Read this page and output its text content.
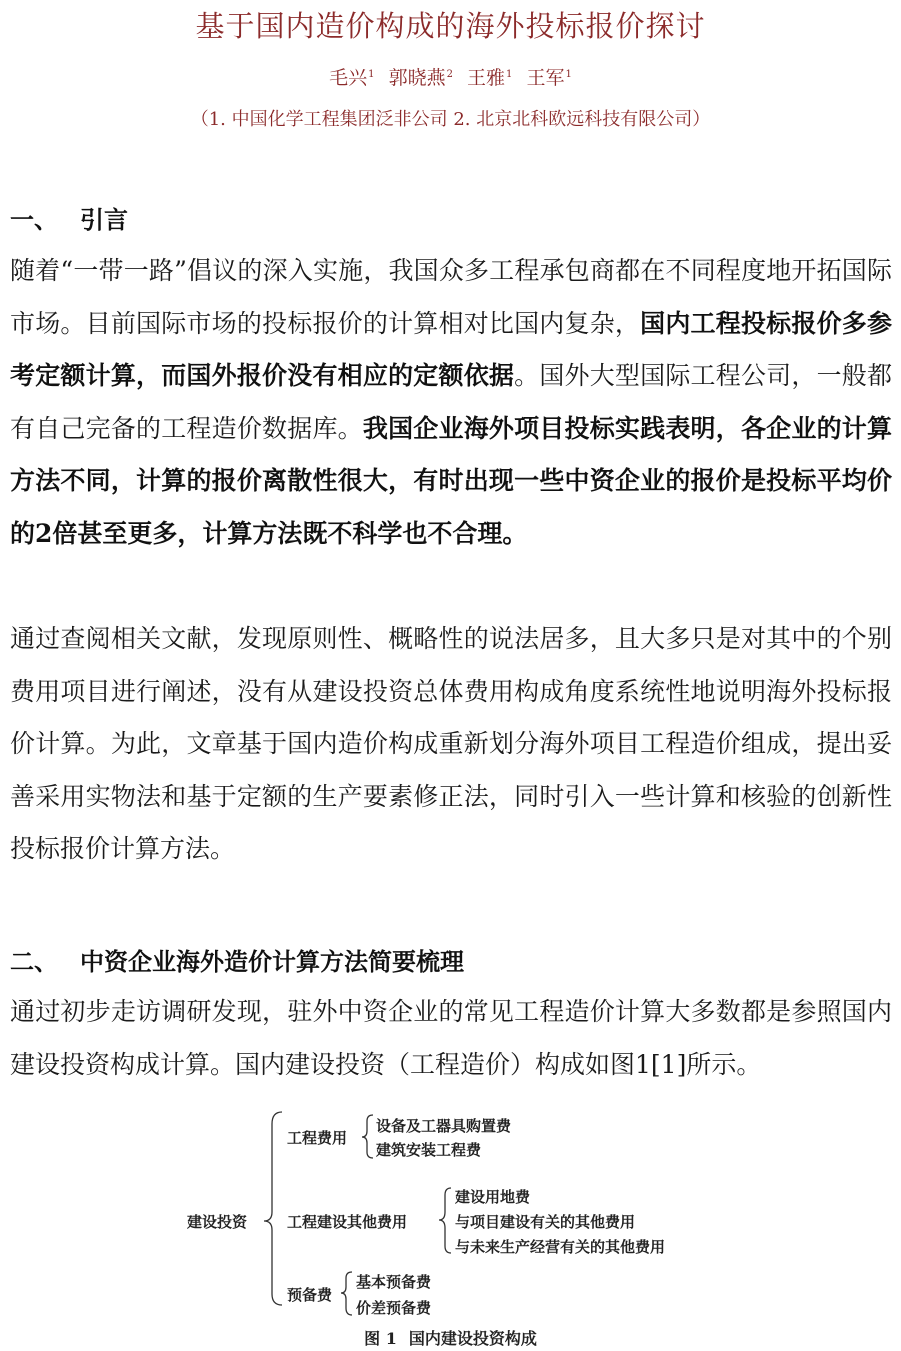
基于国内造价构成的海外投标报价探讨
毛兴$^1$ 郭晓燕$^2$ 王雅$^1$ 王军$^1$
（1. 中国化学工程集团泛非公司 2. 北京北科欧远科技有限公司）
一、 引言

随着“一带一路”倡议的深入实施，我国众多工程承包商都在不同程度地开拓国际市场。目前国际市场的投标报价的计算相对比国内复杂，国内工程投标报价多参考定额计算，而国外报价没有相应的定额依据。国外大型国际工程公司，一般都有自己完备的工程造价数据库。我国企业海外项目投标实践表明，各企业的计算方法不同，计算的报价离散性很大，有时出现一些中资企业的报价是投标平均价的2倍甚至更多，计算方法既不科学也不合理。

通过查阅相关文献，发现原则性、概略性的说法居多，且大多只是对其中的个别费用项目进行阐述，没有从建设投资总体费用构成角度系统性地说明海外投标报价计算。为此，文章基于国内造价构成重新划分海外项目工程造价组成，提出妥善采用实物法和基于定额的生产要素修正法，同时引入一些计算和核验的创新性投标报价计算方法。

二、 中资企业海外造价计算方法简要梳理

通过初步走访调研发现，驻外中资企业的常见工程造价计算大多数都是参照国内建设投资构成计算。国内建设投资（工程造价）构成如图1[1]所示。

建设投资
工程费用
设备及工器具购置费
建筑安装工程费
工程建设其他费用
建设用地费
与项目建设有关的其他费用
与未来生产经营有关的其他费用
预备费
基本预备费
价差预备费
图 1 国内建设投资构成
